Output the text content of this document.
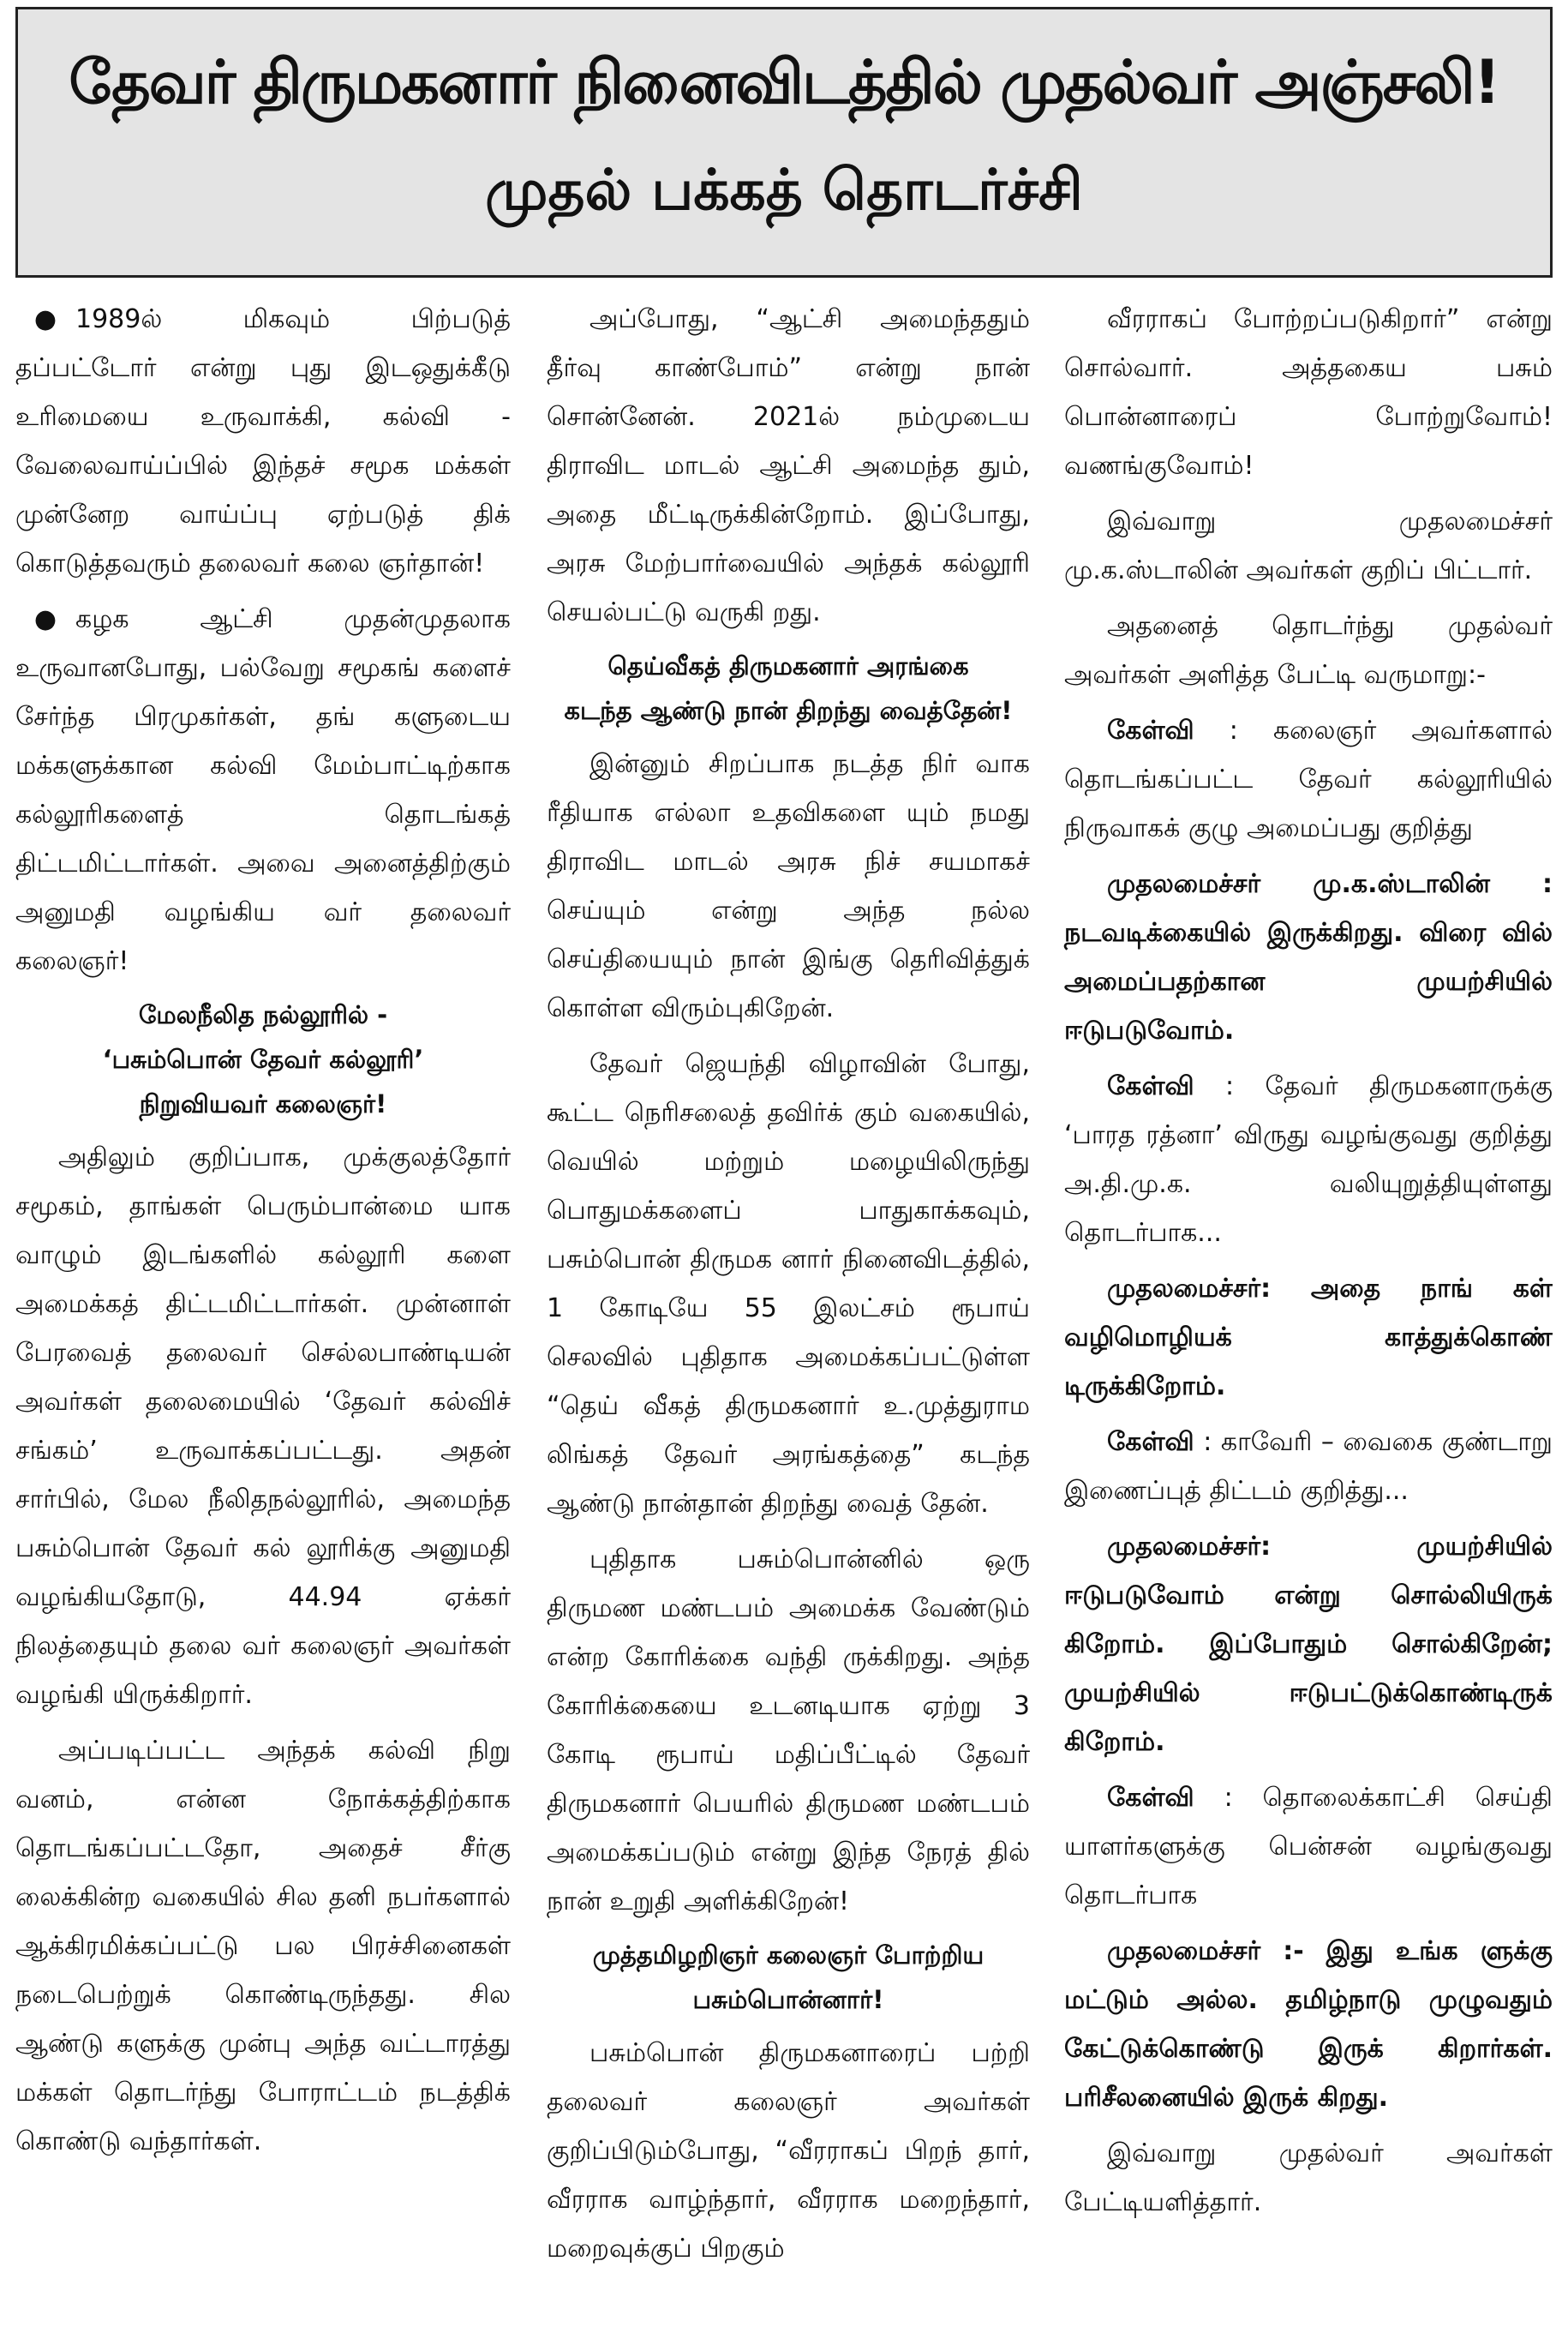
தேவர் திருமகனார் நினைவிடத்தில் முதல்வர் அஞ்சலி!
முதல் பக்கத் தொடர்ச்சி

● 1989ல் மிகவும் பிற்படுத் தப்பட்டோர் என்று புது இடஒதுக்கீடு உரிமையை உருவாக்கி, கல்வி - வேலைவாய்ப்பில் இந்தச் சமூக மக்கள் முன்னேற வாய்ப்பு ஏற்படுத் திக் கொடுத்தவரும் தலைவர் கலை ஞர்தான்!

● கழக ஆட்சி முதன்முதலாக உருவானபோது, பல்வேறு சமூகங் களைச் சேர்ந்த பிரமுகர்கள், தங் களுடைய மக்களுக்கான கல்வி மேம்பாட்டிற்காக கல்லூரிகளைத் தொடங்கத் திட்டமிட்டார்கள். அவை அனைத்திற்கும் அனுமதி வழங்கிய வர் தலைவர் கலைஞர்!

மேலநீலித நல்லூரில் -
‘பசும்பொன் தேவர் கல்லூரி’
நிறுவியவர் கலைஞர்!

அதிலும் குறிப்பாக, முக்குலத்தோர் சமூகம், தாங்கள் பெரும்பான்மை யாக வாழும் இடங்களில் கல்லூரி களை அமைக்கத் திட்டமிட்டார்கள். முன்னாள் பேரவைத் தலைவர் செல்லபாண்டியன் அவர்கள் தலைமையில் ‘தேவர் கல்விச் சங்கம்’ உருவாக்கப்பட்டது. அதன் சார்பில், மேல நீலிதநல்லூரில், அமைந்த பசும்பொன் தேவர் கல் லூரிக்கு அனுமதி வழங்கியதோடு, 44.94 ஏக்கர் நிலத்தையும் தலை வர் கலைஞர் அவர்கள் வழங்கி யிருக்கிறார்.

அப்படிப்பட்ட அந்தக் கல்வி நிறு வனம், என்ன நோக்கத்திற்காக தொடங்கப்பட்டதோ, அதைச் சீர்கு லைக்கின்ற வகையில் சில தனி நபர்களால் ஆக்கிரமிக்கப்பட்டு பல பிரச்சினைகள் நடைபெற்றுக் கொண்டிருந்தது. சில ஆண்டு களுக்கு முன்பு அந்த வட்டாரத்து மக்கள் தொடர்ந்து போராட்டம் நடத்திக் கொண்டு வந்தார்கள்.

அப்போது, “ஆட்சி அமைந்ததும் தீர்வு காண்போம்” என்று நான் சொன்னேன். 2021ல் நம்முடைய திராவிட மாடல் ஆட்சி அமைந்த தும், அதை மீட்டிருக்கின்றோம். இப்போது, அரசு மேற்பார்வையில் அந்தக் கல்லூரி செயல்பட்டு வருகி றது.

தெய்வீகத் திருமகனார் அரங்கை
கடந்த ஆண்டு நான் திறந்து வைத்தேன்!

இன்னும் சிறப்பாக நடத்த நிர் வாக ரீதியாக எல்லா உதவிகளை யும் நமது திராவிட மாடல் அரசு நிச் சயமாகச் செய்யும் என்று அந்த நல்ல செய்தியையும் நான் இங்கு தெரிவித்துக் கொள்ள விரும்புகிறேன்.

தேவர் ஜெயந்தி விழாவின் போது, கூட்ட நெரிசலைத் தவிர்க் கும் வகையில், வெயில் மற்றும் மழையிலிருந்து பொதுமக்களைப் பாதுகாக்கவும், பசும்பொன் திருமக னார் நினைவிடத்தில், 1 கோடியே 55 இலட்சம் ரூபாய் செலவில் புதிதாக அமைக்கப்பட்டுள்ள “தெய் வீகத் திருமகனார் உ.முத்துராம லிங்கத் தேவர் அரங்கத்தை” கடந்த ஆண்டு நான்தான் திறந்து வைத் தேன்.

புதிதாக பசும்பொன்னில் ஒரு திருமண மண்டபம் அமைக்க வேண்டும் என்ற கோரிக்கை வந்தி ருக்கிறது. அந்த கோரிக்கையை உடனடியாக ஏற்று 3 கோடி ரூபாய் மதிப்பீட்டில் தேவர் திருமகனார் பெயரில் திருமண மண்டபம் அமைக்கப்படும் என்று இந்த நேரத் தில் நான் உறுதி அளிக்கிறேன்!

முத்தமிழறிஞர் கலைஞர் போற்றிய
பசும்பொன்னார்!

பசும்பொன் திருமகனாரைப் பற்றி தலைவர் கலைஞர் அவர்கள் குறிப்பிடும்போது, “வீரராகப் பிறந் தார், வீரராக வாழ்ந்தார், வீரராக மறைந்தார், மறைவுக்குப் பிறகும்

வீரராகப் போற்றப்படுகிறார்” என்று சொல்வார். அத்தகைய பசும் பொன்னாரைப் போற்றுவோம்! வணங்குவோம்!

இவ்வாறு முதலமைச்சர் மு.க.ஸ்டாலின் அவர்கள் குறிப் பிட்டார்.

அதனைத் தொடர்ந்து முதல்வர் அவர்கள் அளித்த பேட்டி வருமாறு:-

கேள்வி : கலைஞர் அவர்களால் தொடங்கப்பட்ட தேவர் கல்லூரியில் நிருவாகக் குழு அமைப்பது குறித்து

முதலமைச்சர் மு.க.ஸ்டாலின் : நடவடிக்கையில் இருக்கிறது. விரை வில் அமைப்பதற்கான முயற்சியில் ஈடுபடுவோம்.

கேள்வி : தேவர் திருமகனாருக்கு ‘பாரத ரத்னா’ விருது வழங்குவது குறித்து அ.தி.மு.க. வலியுறுத்தியுள்ளது தொடர்பாக...

முதலமைச்சர்: அதை நாங் கள் வழிமொழியக் காத்துக்கொண் டிருக்கிறோம்.

கேள்வி : காவேரி – வைகை குண்டாறு இணைப்புத் திட்டம் குறித்து...

முதலமைச்சர்: முயற்சியில் ஈடுபடுவோம் என்று சொல்லியிருக் கிறோம். இப்போதும் சொல்கிறேன்; முயற்சியில் ஈடுபட்டுக்கொண்டிருக் கிறோம்.

கேள்வி : தொலைக்காட்சி செய்தி யாளர்களுக்கு பென்சன் வழங்குவது தொடர்பாக

முதலமைச்சர் :- இது உங்க ளுக்கு மட்டும் அல்ல. தமிழ்நாடு முழுவதும் கேட்டுக்கொண்டு இருக் கிறார்கள். பரிசீலனையில் இருக் கிறது.

இவ்வாறு முதல்வர் அவர்கள் பேட்டியளித்தார்.
